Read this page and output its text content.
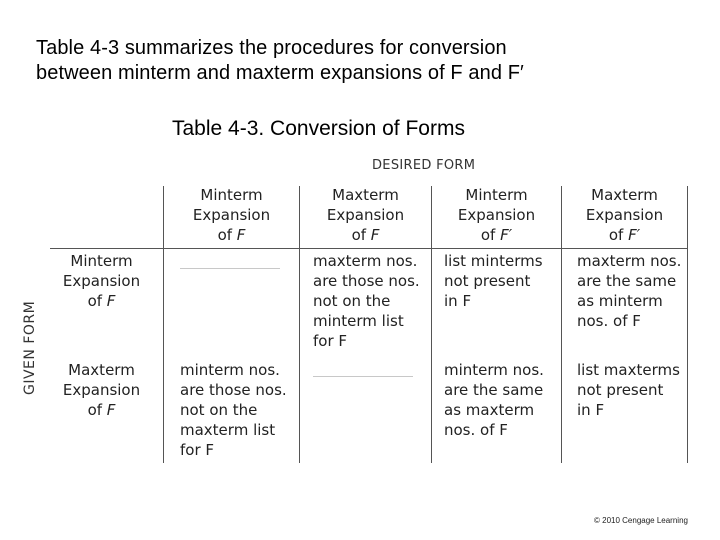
Table 4-3 summarizes the procedures for conversion
between minterm and maxterm expansions of F and F′
Table 4-3. Conversion of Forms
DESIRED FORM
GIVEN FORM
Minterm
Expansion
of F
Maxterm
Expansion
of F
Minterm
Expansion
of F′
Maxterm
Expansion
of F′
Minterm
Expansion
of F
Maxterm
Expansion
of F
maxterm nos.
are those nos.
not on the
minterm list
for F
list minterms
not present
in F
maxterm nos.
are the same
as minterm
nos. of F
minterm nos.
are those nos.
not on the
maxterm list
for F
minterm nos.
are the same
as maxterm
nos. of F
list maxterms
not present
in F
© 2010 Cengage Learning
